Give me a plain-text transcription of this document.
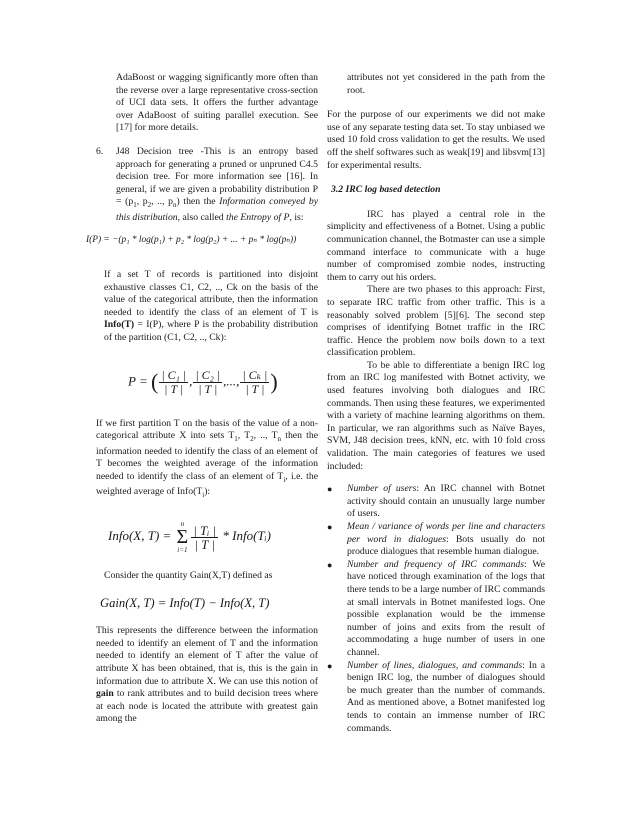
AdaBoost or wagging significantly more often than the reverse over a large representative cross-section of UCI data sets. It offers the further advantage over AdaBoost of suiting parallel execution. See [17] for more details.

6. J48 Decision tree -This is an entropy based approach for generating a pruned or unpruned C4.5 decision tree. For more information see [16]. In general, if we are given a probability distribution $P = (p_1$, $p_2$, .., $p_n$) then the Information conveyed by this distribution, also called the Entropy of P, is:

I(P) = −(p₁ * log(p₁) + p₂ * log(p₂) + ... + pₙ * log(pₙ))

If a set T of records is partitioned into disjoint exhaustive classes C1, C2, .., Ck on the basis of the value of the categorical attribute, then the information needed to identify the class of an element of T is Info(T) = I(P), where P is the probability distribution of the partition (C1, C2, .., Ck):

P = ( $\frac{\text{| C₁ |}}{| T |}$ , $\frac{\text{| C₂ |}}{| T |}$ ,..., $\frac{\text{| Cₖ |}}{| T |}$ )

If we first partition T on the basis of the value of a non-categorical attribute X into sets $T_1$, $T_2$, .., $T_n$ then the information needed to identify the class of an element of T becomes the weighted average of the information needed to identify the class of an element of $T_i$, i.e. the weighted average of $Info(T_i)$:

Info(X, T) =
n
Σ
$i=1 \frac{\text{| Tᵢ |}}{| T |}$ * Info(Tᵢ)

Consider the quantity Gain(X,T) defined as

Gain(X, T) = Info(T) − Info(X, T)

This represents the difference between the information needed to identify an element of T and the information needed to identify an element of T after the value of attribute X has been obtained, that is, this is the gain in information due to attribute X. We can use this notion of gain to rank attributes and to build decision trees where at each node is located the attribute with greatest gain among the

attributes not yet considered in the path from the root.

For the purpose of our experiments we did not make use of any separate testing data set. To stay unbiased we used 10 fold cross validation to get the results. We used off the shelf softwares such as weak[19] and libsvm[13] for experimental results.

3.2 IRC log based detection

IRC has played a central role in the simplicity and effectiveness of a Botnet. Using a public communication channel, the Botmaster can use a simple command interface to communicate with a huge number of compromised zombie nodes, instructing them to carry out his orders.

There are two phases to this approach: First, to separate IRC traffic from other traffic. This is a reasonably solved problem [5][6]. The second step comprises of identifying Botnet traffic in the IRC traffic. Hence the problem now boils down to a text classification problem.

To be able to differentiate a benign IRC log from an IRC log manifested with Botnet activity, we used features involving both dialogues and IRC commands. Then using these features, we experimented with a variety of machine learning algorithms on them. In particular, we ran algorithms such as Naïve Bayes, SVM, J48 decision trees, kNN, etc. with 10 fold cross validation. The main categories of features we used included:

● Number of users: An IRC channel with Botnet activity should contain an unusually large number of users.
● Mean / variance of words per line and characters per word in dialogues: Bots usually do not produce dialogues that resemble human dialogue.
● Number and frequency of IRC commands: We have noticed through examination of the logs that there tends to be a large number of IRC commands at small intervals in Botnet manifested logs. One possible explanation would be the immense number of joins and exits from the result of accommodating a huge number of users in one channel.
● Number of lines, dialogues, and commands: In a benign IRC log, the number of dialogues should be much greater than the number of commands. And as mentioned above, a Botnet manifested log tends to contain an immense number of IRC commands.
